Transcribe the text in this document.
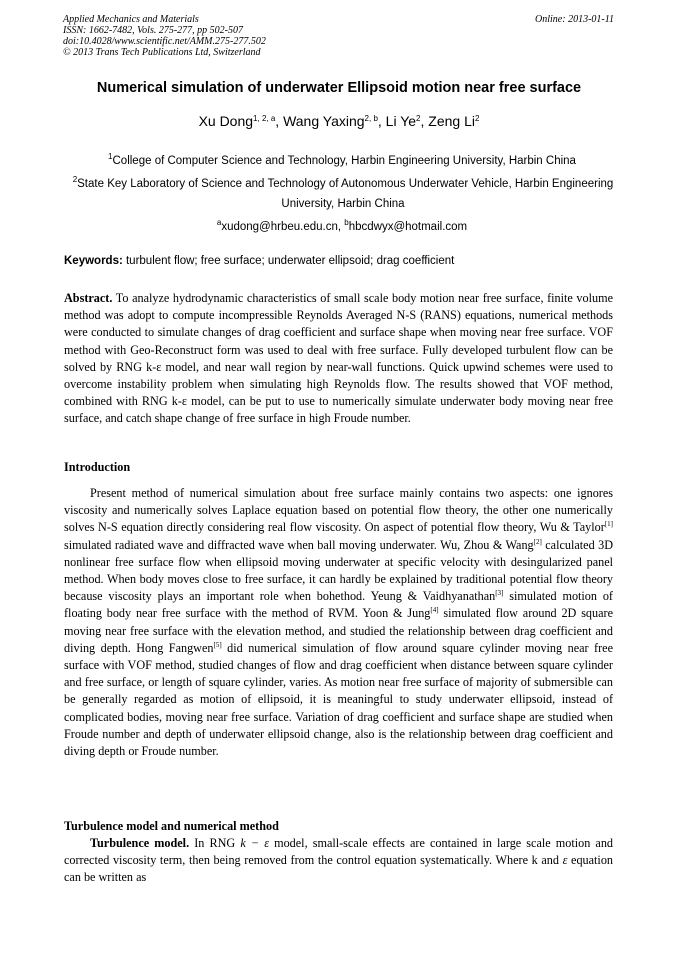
Applied Mechanics and Materials
ISSN: 1662-7482, Vols. 275-277, pp 502-507
doi:10.4028/www.scientific.net/AMM.275-277.502
© 2013 Trans Tech Publications Ltd, Switzerland
Online: 2013-01-11
Numerical simulation of underwater Ellipsoid motion near free surface
Xu Dong$^{1, 2, a}$, Wang Yaxing$^{2, b}$, Li Ye$^2$, Zeng Li$^2$
$^1$College of Computer Science and Technology, Harbin Engineering University, Harbin China
$^2$State Key Laboratory of Science and Technology of Autonomous Underwater Vehicle, Harbin Engineering University, Harbin China
$^a$xudong@hrbeu.edu.cn, $^b$hbcdwyx@hotmail.com
Keywords: turbulent flow; free surface; underwater ellipsoid; drag coefficient
Abstract. To analyze hydrodynamic characteristics of small scale body motion near free surface, finite volume method was adopt to compute incompressible Reynolds Averaged N-S (RANS) equations, numerical methods were conducted to simulate changes of drag coefficient and surface shape when moving near free surface. VOF method with Geo-Reconstruct form was used to deal with free surface. Fully developed turbulent flow can be solved by RNG k-ε model, and near wall region by near-wall functions. Quick upwind schemes were used to overcome instability problem when simulating high Reynolds flow. The results showed that VOF method, combined with RNG k-ε model, can be put to use to numerically simulate underwater body moving near free surface, and catch shape change of free surface in high Froude number.
Introduction
Present method of numerical simulation about free surface mainly contains two aspects: one ignores viscosity and numerically solves Laplace equation based on potential flow theory, the other one numerically solves N-S equation directly considering real flow viscosity. On aspect of potential flow theory, Wu & Taylor[1] simulated radiated wave and diffracted wave when ball moving underwater. Wu, Zhou & Wang[2] calculated 3D nonlinear free surface flow when ellipsoid moving underwater at specific velocity with desingularized panel method. When body moves close to free surface, it can hardly be explained by traditional potential flow theory because viscosity plays an important role when bohethod. Yeung & Vaidhyanathan[3] simulated motion of floating body near free surface with the method of RVM. Yoon & Jung[4] simulated flow around 2D square moving near free surface with the elevation method, and studied the relationship between drag coefficient and diving depth. Hong Fangwen[5] did numerical simulation of flow around square cylinder moving near free surface with VOF method, studied changes of flow and drag coefficient when distance between square cylinder and free surface, or length of square cylinder, varies. As motion near free surface of majority of submersible can be generally regarded as motion of ellipsoid, it is meaningful to study underwater ellipsoid, instead of complicated bodies, moving near free surface. Variation of drag coefficient and surface shape are studied when Froude number and depth of underwater ellipsoid change, also is the relationship between drag coefficient and diving depth or Froude number.
Turbulence model and numerical method
Turbulence model. In RNG k − ε model, small-scale effects are contained in large scale motion and corrected viscosity term, then being removed from the control equation systematically. Where k and ε equation can be written as
